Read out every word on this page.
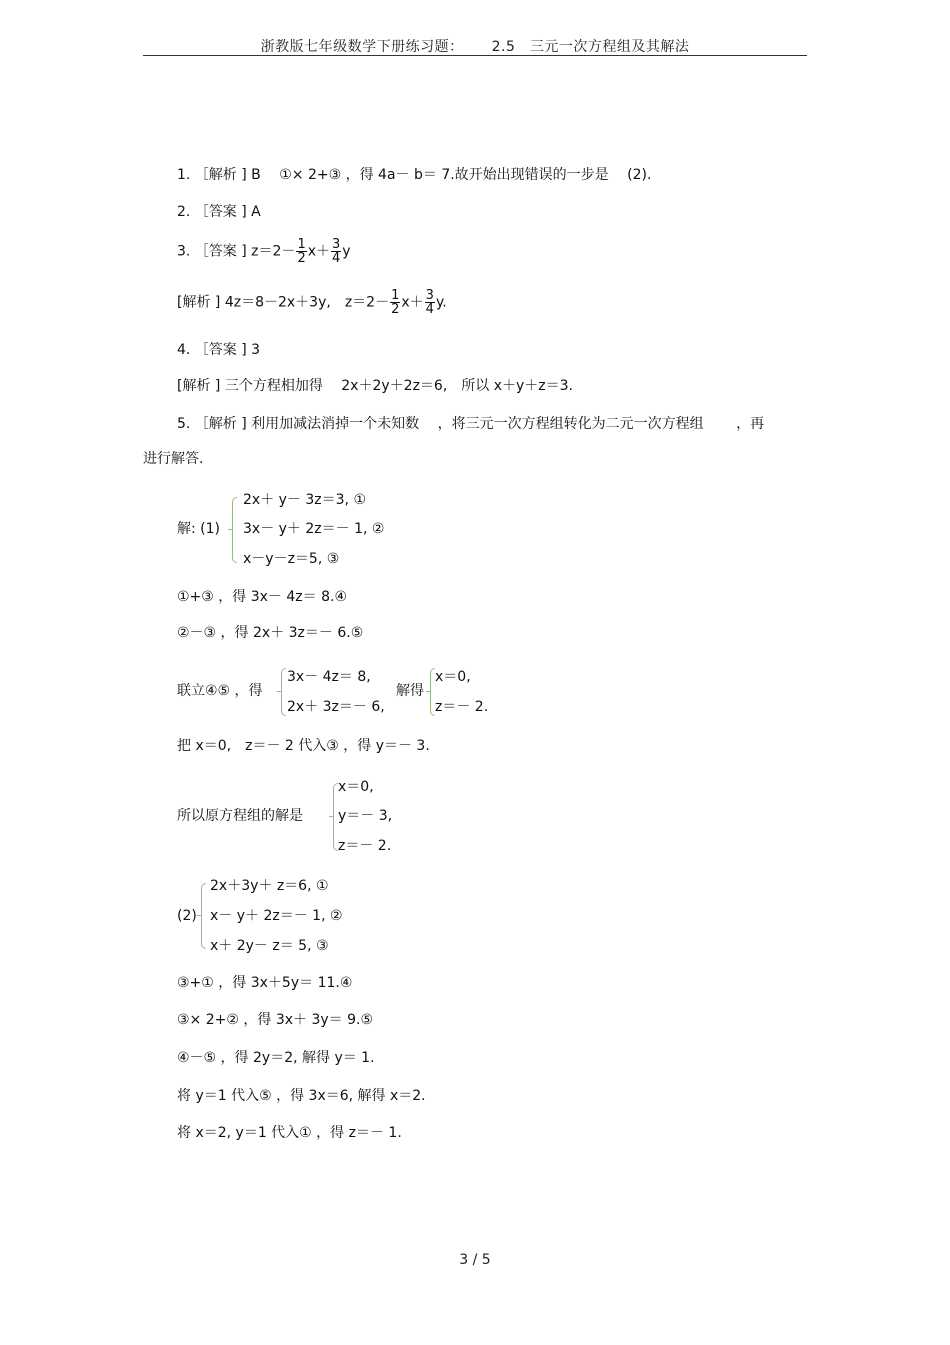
浙教版七年级数学下册练习题： 2.5　三元一次方程组及其解法
1. ［解析 ] B　 ①× 2+③ ，得 4a－ b＝ 7.故开始出现错误的一步是　 (2).
2. ［答案 ] A
3. ［答案 ] $z=2- \frac{1}{2} x+ \frac{3}{4}$ y
[解析 ] 4z＝8－2x＋3y,　$z=2- \frac{1}{2} x+ \frac{3}{4} y$.
4. ［答案 ] 3
[解析 ] 三个方程相加得　 2x＋2y＋2z＝6,　所以 x＋y＋z＝3.
5. ［解析 ] 利用加减法消掉一个未知数　 ，将三元一次方程组转化为二元一次方程组　　 ，再
进行解答.
解: (1)
2x＋ y－ 3z＝3, ①
3x－ y＋ 2z＝－ 1, ②
x－y－z＝5, ③
①+③ ，得 3x－ 4z＝ 8.④
②－③ ，得 2x＋ 3z＝－ 6.⑤
联立④⑤ ，得
3x－ 4z＝ 8,
2x＋ 3z＝－ 6,
解得
x＝0,
z＝－ 2.
把 x＝0,　z＝－ 2 代入③ ，得 y＝－ 3.
所以原方程组的解是
x＝0,
y＝－ 3,
z＝－ 2.
(2)
2x＋3y＋ z＝6, ①
x－ y＋ 2z＝－ 1, ②
x＋ 2y－ z＝ 5, ③
③+① ，得 3x＋5y＝ 11.④
③× 2+② ，得 3x＋ 3y＝ 9.⑤
④－⑤ ，得 2y＝2, 解得 y＝ 1.
将 y＝1 代入⑤ ，得 3x＝6, 解得 x＝2.
将 x＝2, y＝1 代入① ，得 z＝－ 1.
3 / 5
